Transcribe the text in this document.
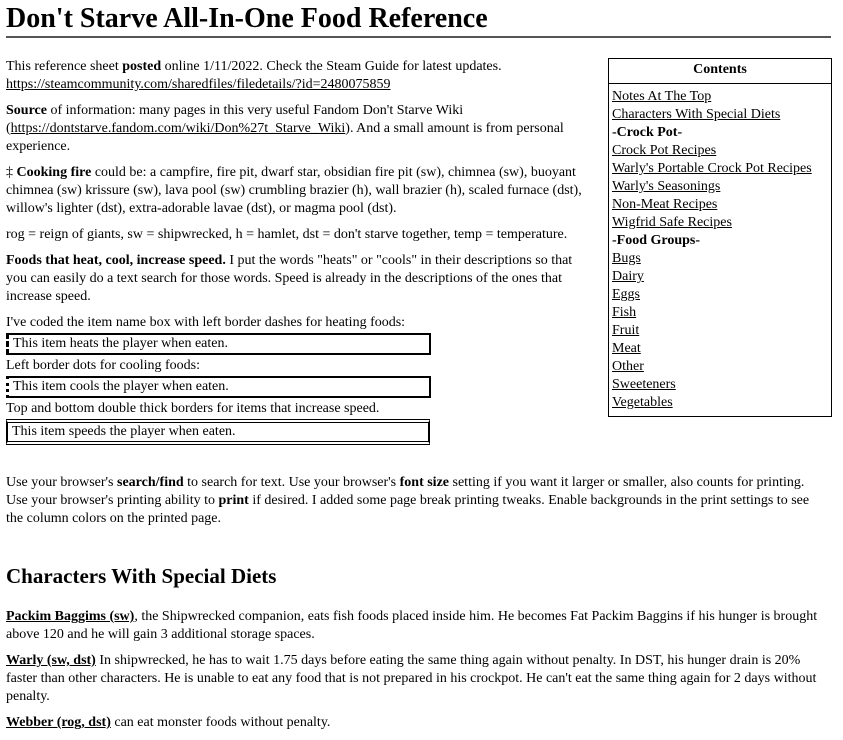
Don't Starve All-In-One Food Reference

This reference sheet posted online 1/11/2022. Check the Steam Guide for latest updates.
https://steamcommunity.com/sharedfiles/filedetails/?id=2480075859

Source of information: many pages in this very useful Fandom Don't Starve Wiki (https://dontstarve.fandom.com/wiki/Don%27t_Starve_Wiki). And a small amount is from personal experience.

‡ Cooking fire could be: a campfire, fire pit, dwarf star, obsidian fire pit (sw), chimnea (sw), buoyant chimnea (sw) krissure (sw), lava pool (sw) crumbling brazier (h), wall brazier (h), scaled furnace (dst), willow's lighter (dst), extra-adorable lavae (dst), or magma pool (dst).

rog = reign of giants, sw = shipwrecked, h = hamlet, dst = don't starve together, temp = temperature.

Foods that heat, cool, increase speed. I put the words "heats" or "cools" in their descriptions so that you can easily do a text search for those words. Speed is already in the descriptions of the ones that increase speed.

I've coded the item name box with left border dashes for heating foods:
This item heats the player when eaten.
Left border dots for cooling foods:
This item cools the player when eaten.
Top and bottom double thick borders for items that increase speed.
This item speeds the player when eaten.
Contents
Notes At The Top
Characters With Special Diets
-Crock Pot-
Crock Pot Recipes
Warly's Portable Crock Pot Recipes
Warly's Seasonings
Non-Meat Recipes
Wigfrid Safe Recipes
-Food Groups-
Bugs
Dairy
Eggs
Fish
Fruit
Meat
Other
Sweeteners
Vegetables
Use your browser's search/find to search for text. Use your browser's font size setting if you want it larger or smaller, also counts for printing. Use your browser's printing ability to print if desired. I added some page break printing tweaks. Enable backgrounds in the print settings to see the column colors on the printed page.
Characters With Special Diets

Packim Baggims (sw), the Shipwrecked companion, eats fish foods placed inside him. He becomes Fat Packim Baggins if his hunger is brought above 120 and he will gain 3 additional storage spaces.

Warly (sw, dst) In shipwrecked, he has to wait 1.75 days before eating the same thing again without penalty. In DST, his hunger drain is 20% faster than other characters. He is unable to eat any food that is not prepared in his crockpot. He can't eat the same thing again for 2 days without penalty.

Webber (rog, dst) can eat monster foods without penalty.
